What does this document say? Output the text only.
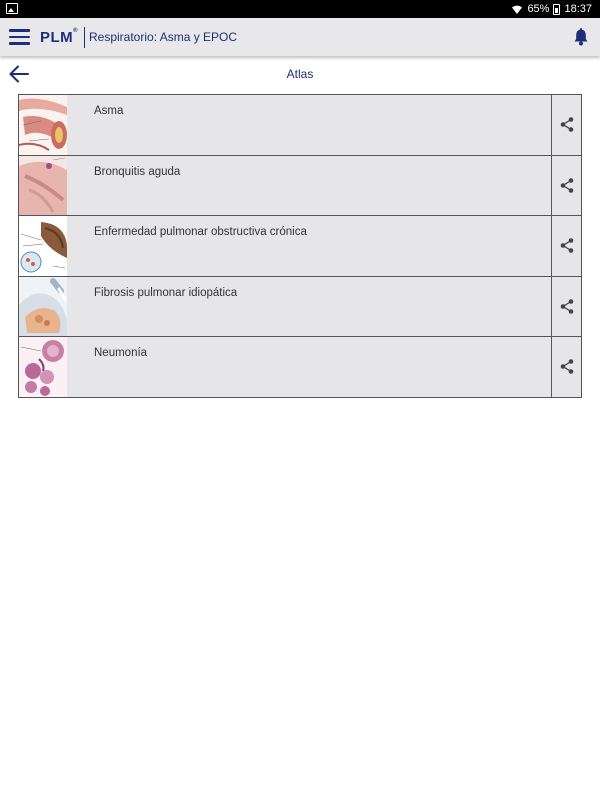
65% 18:37
PLM® Respiratorio: Asma y EPOC
Atlas
Asma
Bronquitis aguda
Enfermedad pulmonar obstructiva crónica
Fibrosis pulmonar idiopática
Neumonía
